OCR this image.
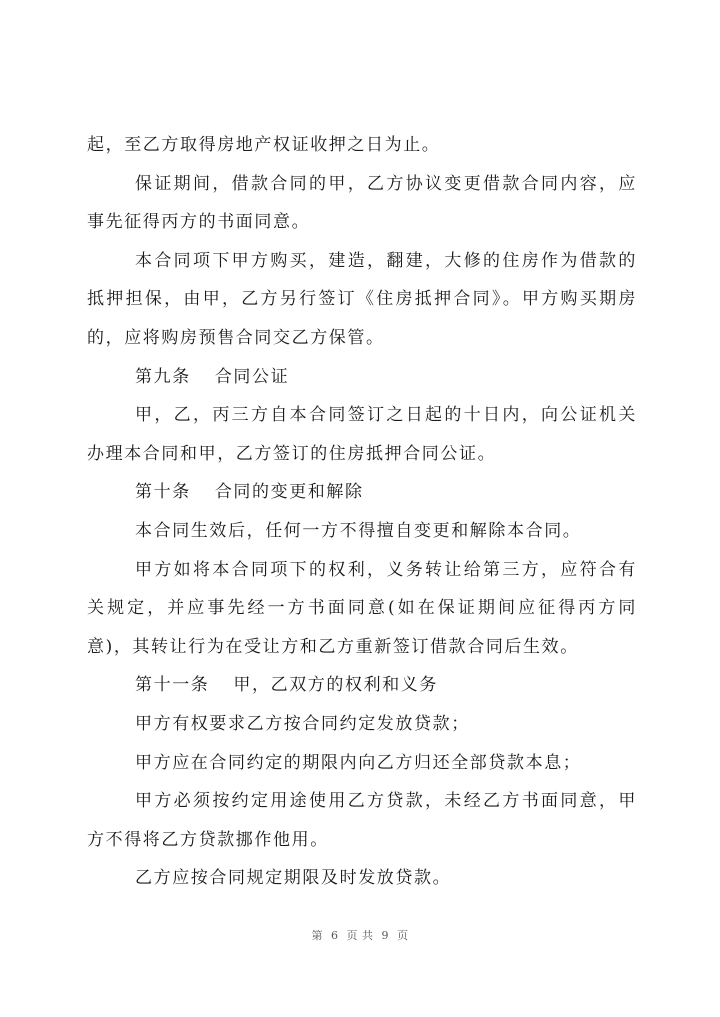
起，至乙方取得房地产权证收押之日为止。

保证期间，借款合同的甲，乙方协议变更借款合同内容，应事先征得丙方的书面同意。

本合同项下甲方购买，建造，翻建，大修的住房作为借款的抵押担保，由甲，乙方另行签订《住房抵押合同》。甲方购买期房的，应将购房预售合同交乙方保管。

第九条 合同公证

甲，乙，丙三方自本合同签订之日起的十日内，向公证机关办理本合同和甲，乙方签订的住房抵押合同公证。

第十条 合同的变更和解除

本合同生效后，任何一方不得擅自变更和解除本合同。

甲方如将本合同项下的权利，义务转让给第三方，应符合有关规定，并应事先经一方书面同意(如在保证期间应征得丙方同意)，其转让行为在受让方和乙方重新签订借款合同后生效。

第十一条 甲，乙双方的权利和义务

甲方有权要求乙方按合同约定发放贷款；

甲方应在合同约定的期限内向乙方归还全部贷款本息；

甲方必须按约定用途使用乙方贷款，未经乙方书面同意，甲方不得将乙方贷款挪作他用。

乙方应按合同规定期限及时发放贷款。

第 6 页 共 9 页
